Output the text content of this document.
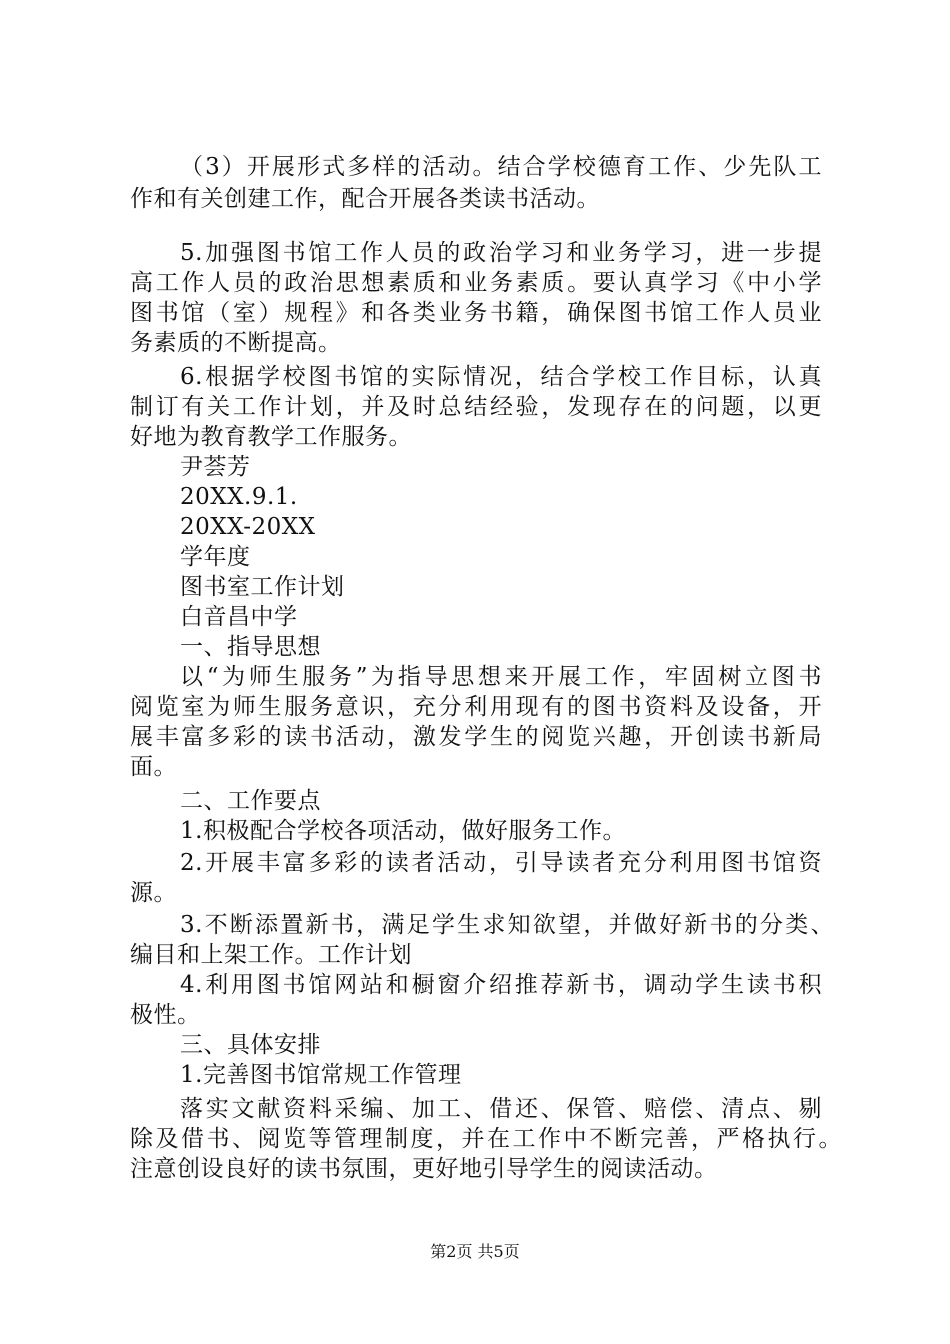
（3）开展形式多样的活动。结合学校德育工作、少先队工
作和有关创建工作，配合开展各类读书活动。
5.加强图书馆工作人员的政治学习和业务学习，进一步提
高工作人员的政治思想素质和业务素质。要认真学习《中小学
图书馆（室）规程》和各类业务书籍，确保图书馆工作人员业
务素质的不断提高。
6.根据学校图书馆的实际情况，结合学校工作目标，认真
制订有关工作计划，并及时总结经验，发现存在的问题，以更
好地为教育教学工作服务。
尹荟芳
20XX.9.1.
20XX-20XX
学年度
图书室工作计划
白音昌中学
一、指导思想
以“为师生服务”为指导思想来开展工作，牢固树立图书
阅览室为师生服务意识，充分利用现有的图书资料及设备，开
展丰富多彩的读书活动，激发学生的阅览兴趣，开创读书新局
面。
二、工作要点
1.积极配合学校各项活动，做好服务工作。
2.开展丰富多彩的读者活动，引导读者充分利用图书馆资
源。
3.不断添置新书，满足学生求知欲望，并做好新书的分类、
编目和上架工作。工作计划
4.利用图书馆网站和橱窗介绍推荐新书，调动学生读书积
极性。
三、具体安排
1.完善图书馆常规工作管理
落实文献资料采编、加工、借还、保管、赔偿、清点、剔
除及借书、阅览等管理制度，并在工作中不断完善，严格执行。
注意创设良好的读书氛围，更好地引导学生的阅读活动。
第2页 共5页
